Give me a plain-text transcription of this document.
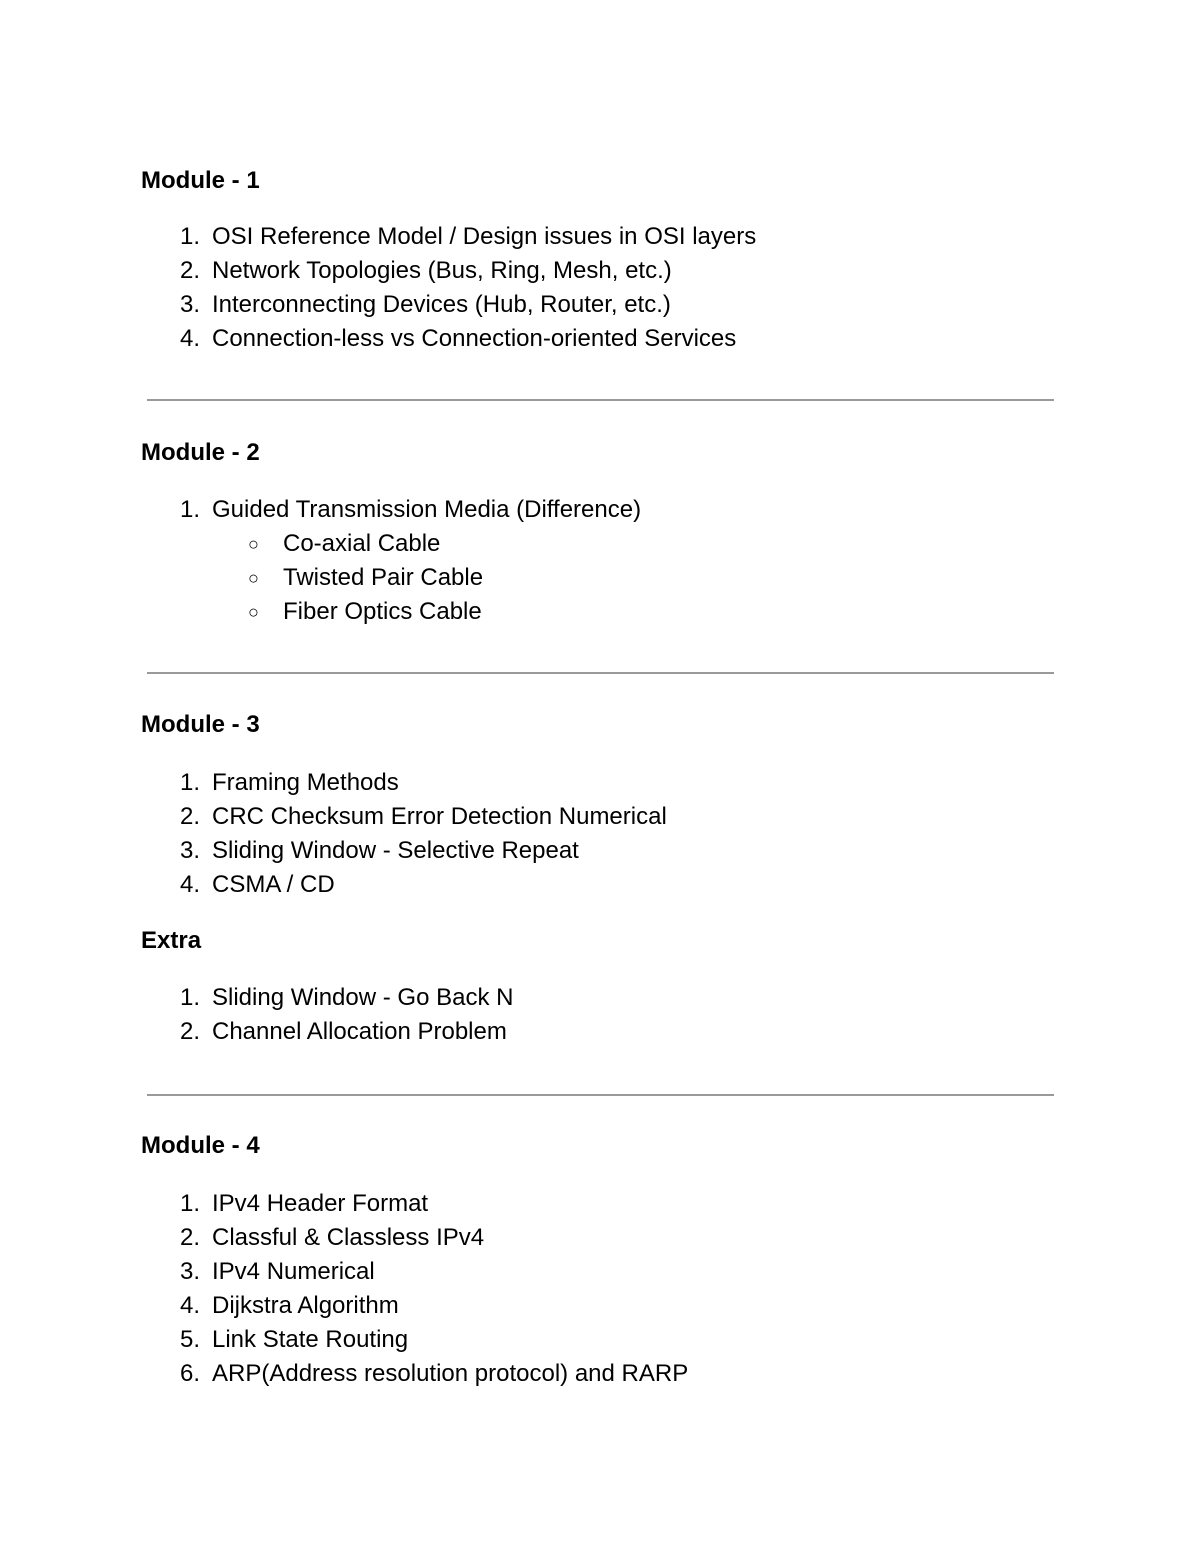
Module - 1
1. OSI Reference Model / Design issues in OSI layers
2. Network Topologies (Bus, Ring, Mesh, etc.)
3. Interconnecting Devices (Hub, Router, etc.)
4. Connection-less vs Connection-oriented Services
Module - 2
1. Guided Transmission Media (Difference)
○ Co-axial Cable
○ Twisted Pair Cable
○ Fiber Optics Cable
Module - 3
1. Framing Methods
2. CRC Checksum Error Detection Numerical
3. Sliding Window - Selective Repeat
4. CSMA / CD
Extra
1. Sliding Window - Go Back N
2. Channel Allocation Problem
Module - 4
1. IPv4 Header Format
2. Classful & Classless IPv4
3. IPv4 Numerical
4. Dijkstra Algorithm
5. Link State Routing
6. ARP(Address resolution protocol) and RARP
